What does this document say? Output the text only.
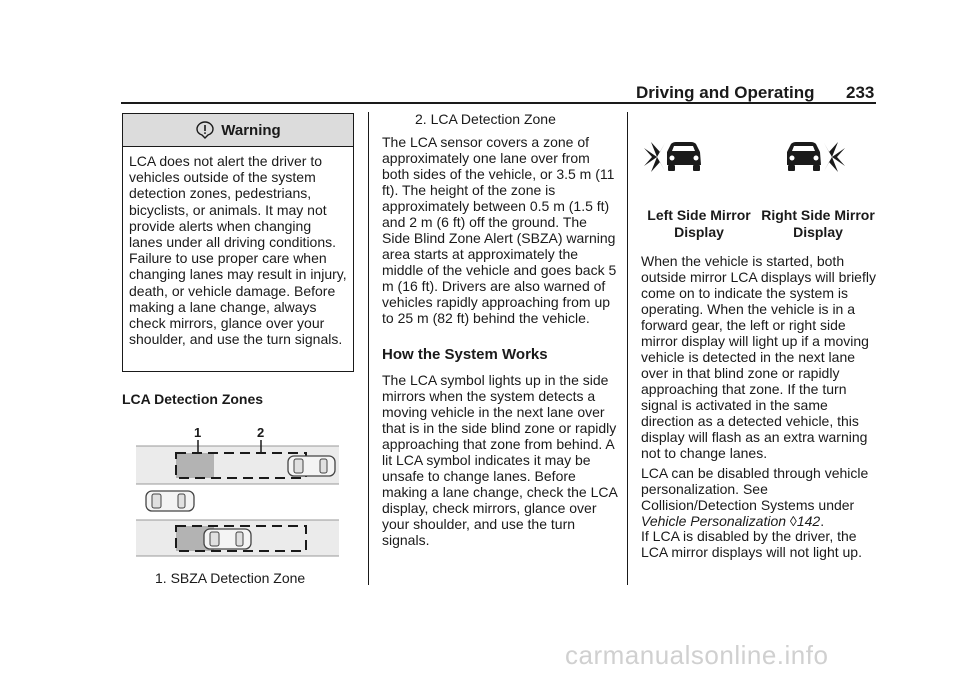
Driving and Operating 233
Warning
LCA does not alert the driver to vehicles outside of the system detection zones, pedestrians, bicyclists, or animals. It may not provide alerts when changing lanes under all driving conditions. Failure to use proper care when changing lanes may result in injury, death, or vehicle damage. Before making a lane change, always check mirrors, glance over your shoulder, and use the turn signals.
LCA Detection Zones
1	2
1. SBZA Detection Zone
2. LCA Detection Zone
The LCA sensor covers a zone of approximately one lane over from both sides of the vehicle, or 3.5 m (11 ft). The height of the zone is approximately between 0.5 m (1.5 ft) and 2 m (6 ft) off the ground. The Side Blind Zone Alert (SBZA) warning area starts at approximately the middle of the vehicle and goes back 5 m (16 ft). Drivers are also warned of vehicles rapidly approaching from up to 25 m (82 ft) behind the vehicle.
How the System Works
The LCA symbol lights up in the side mirrors when the system detects a moving vehicle in the next lane over that is in the side blind zone or rapidly approaching that zone from behind. A lit LCA symbol indicates it may be unsafe to change lanes. Before making a lane change, check the LCA display, check mirrors, glance over your shoulder, and use the turn signals.
Left Side Mirror
Display
Right Side Mirror
Display
When the vehicle is started, both outside mirror LCA displays will briefly come on to indicate the system is operating. When the vehicle is in a forward gear, the left or right side mirror display will light up if a moving vehicle is detected in the next lane over in that blind zone or rapidly approaching that zone. If the turn signal is activated in the same direction as a detected vehicle, this display will flash as an extra warning not to change lanes.
LCA can be disabled through vehicle personalization. See Collision/Detection Systems under Vehicle Personalization ◊142.
If LCA is disabled by the driver, the LCA mirror displays will not light up.
carmanualsonline.info
